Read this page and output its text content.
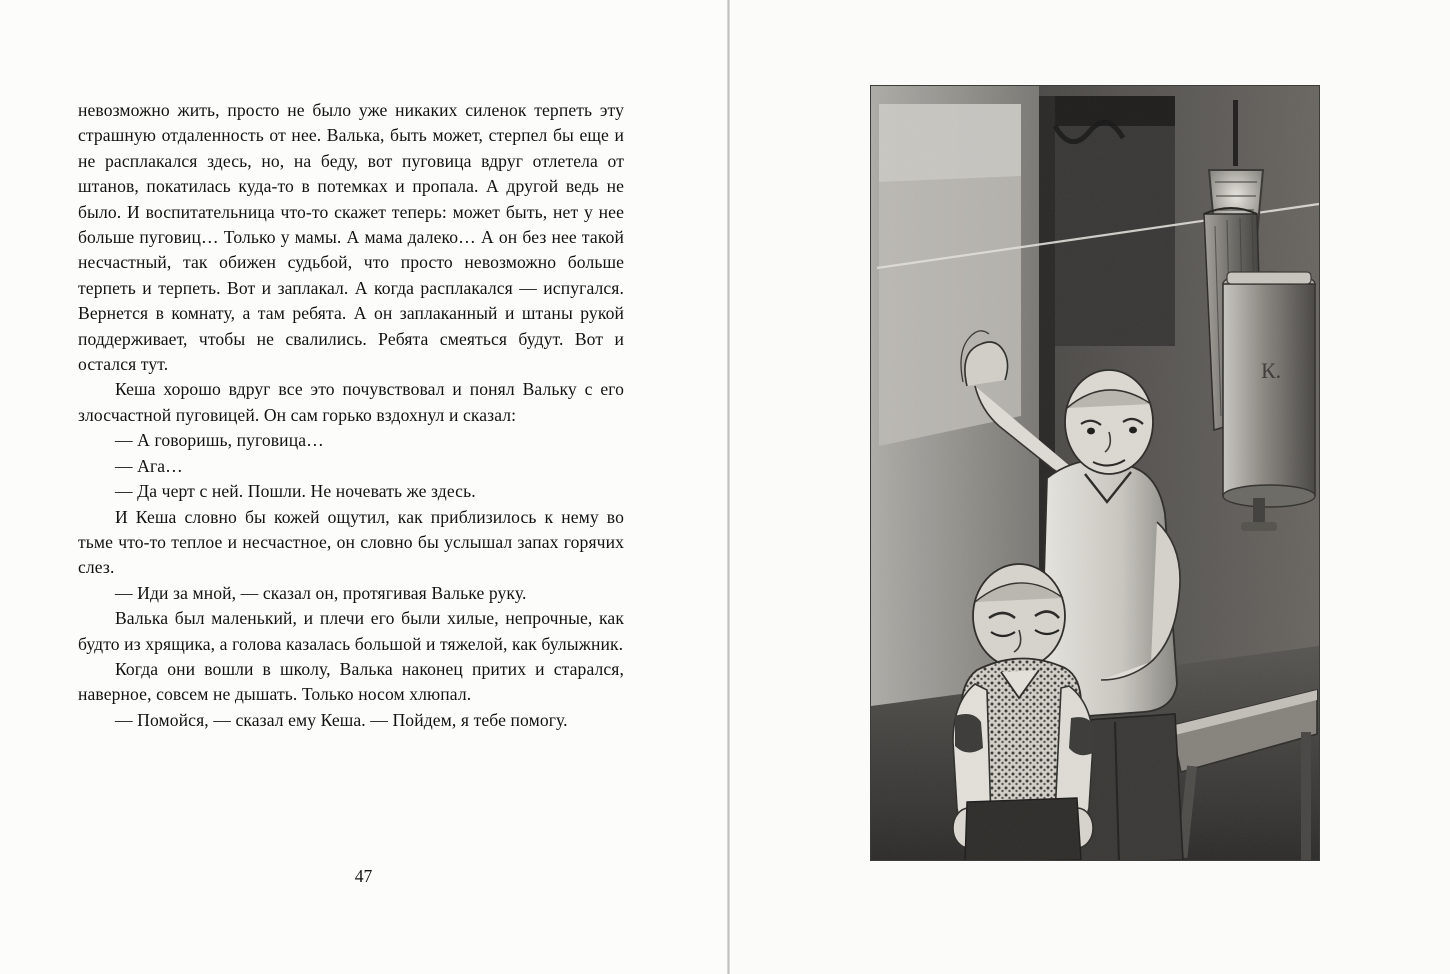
невозможно жить, просто не было уже никаких силенок терпеть эту страшную отдаленность от нее. Валька, быть может, стерпел бы еще и не расплакался здесь, но, на беду, вот пуговица вдруг отлетела от штанов, покатилась куда-то в потемках и пропала. А другой ведь не было. И воспитательница что-то скажет теперь: может быть, нет у нее больше пуговиц… Только у мамы. А мама далеко… А он без нее такой несчастный, так обижен судьбой, что просто невозможно больше терпеть и терпеть. Вот и заплакал. А когда расплакался — испугался. Вернется в комнату, а там ребята. А он заплаканный и штаны рукой поддерживает, чтобы не свалились. Ребята смеяться будут. Вот и остался тут.

Кеша хорошо вдруг все это почувствовал и понял Вальку с его злосчастной пуговицей. Он сам горько вздохнул и сказал:

— А говоришь, пуговица…

— Ага…

— Да черт с ней. Пошли. Не ночевать же здесь.

И Кеша словно бы кожей ощутил, как приблизилось к нему во тьме что-то теплое и несчастное, он словно бы услышал запах горячих слез.

— Иди за мной, — сказал он, протягивая Вальке руку.

Валька был маленький, и плечи его были хилые, непрочные, как будто из хрящика, а голова казалась большой и тяжелой, как булыжник.

Когда они вошли в школу, Валька наконец притих и старался, наверное, совсем не дышать. Только носом хлюпал.

— Помойся, — сказал ему Кеша. — Пойдем, я тебе помогу.

47
К.
